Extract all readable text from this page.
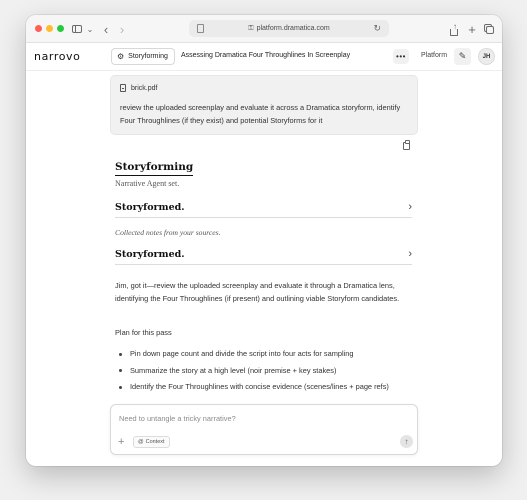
⌄ ‹ ›	⚿ platform.dramatica.com	↻	↑ +
narrovo	⚙ Storyforming Assessing Dramatica Four Throughlines In Screenplay	•••	Platform	✎	JH
brick.pdf

review the uploaded screenplay and evaluate it across a Dramatica storyform, identify Four Throughlines (if they exist) and potential Storyforms for it

Storyforming
Narrative Agent set.
Storyformed.	›
Collected notes from your sources.
Storyformed.	›

Jim, got it—review the uploaded screenplay and evaluate it through a Dramatica lens, identifying the Four Throughlines (if present) and outlining viable Storyform candidates.

Plan for this pass

Pin down page count and divide the script into four acts for sampling
Summarize the story at a high level (noir premise + key stakes)
Identify the Four Throughlines with concise evidence (scenes/lines + page refs)
Need to untangle a tricky narrative?
+ @ Context	↑
